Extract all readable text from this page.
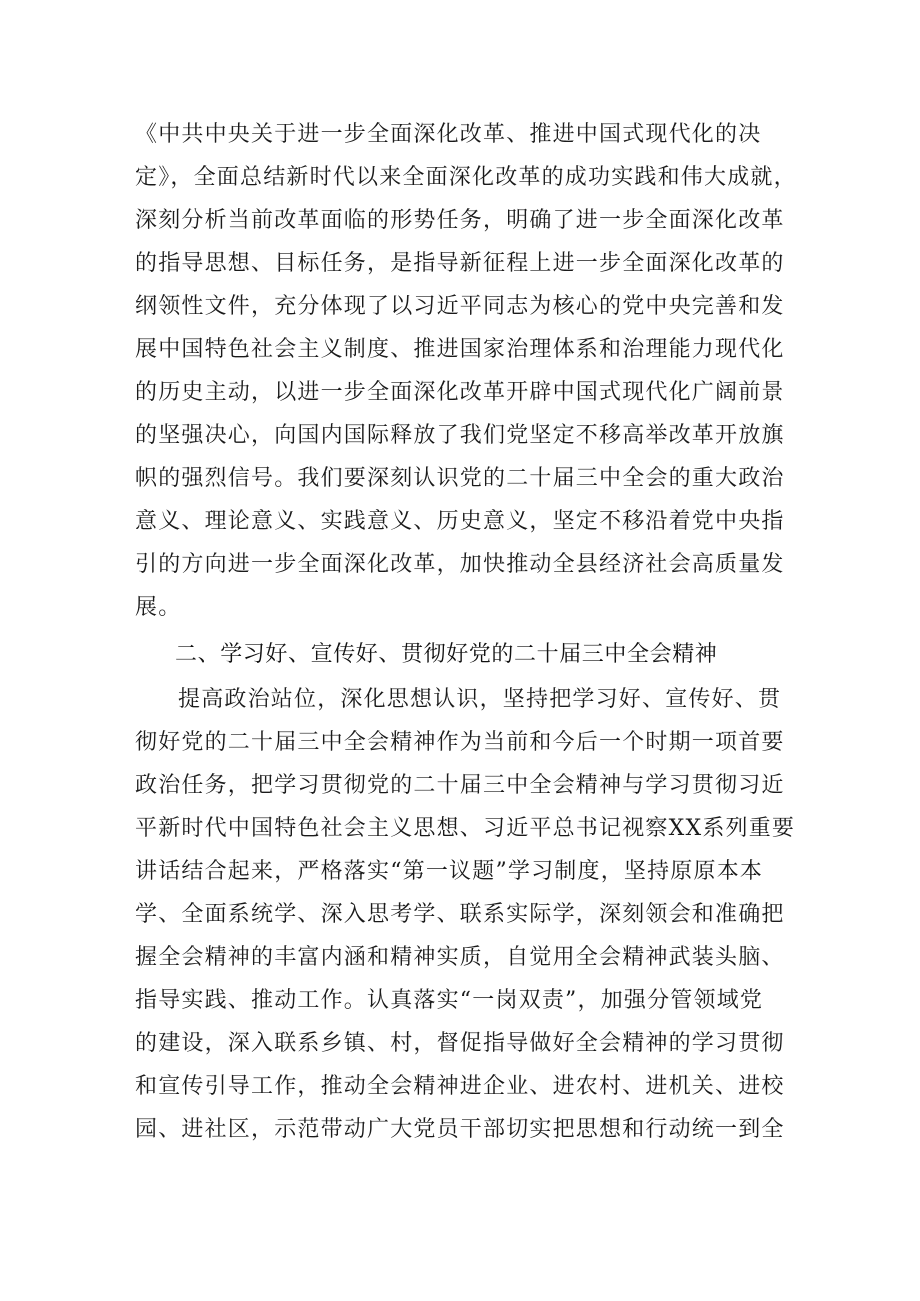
《中共中央关于进一步全面深化改革、推进中国式现代化的决
定》，全面总结新时代以来全面深化改革的成功实践和伟大成就，
深刻分析当前改革面临的形势任务，明确了进一步全面深化改革
的指导思想、目标任务，是指导新征程上进一步全面深化改革的
纲领性文件，充分体现了以习近平同志为核心的党中央完善和发
展中国特色社会主义制度、推进国家治理体系和治理能力现代化
的历史主动，以进一步全面深化改革开辟中国式现代化广阔前景
的坚强决心，向国内国际释放了我们党坚定不移高举改革开放旗
帜的强烈信号。我们要深刻认识党的二十届三中全会的重大政治
意义、理论意义、实践意义、历史意义，坚定不移沿着党中央指
引的方向进一步全面深化改革，加快推动全县经济社会高质量发
展。
二、学习好、宣传好、贯彻好党的二十届三中全会精神
提高政治站位，深化思想认识，坚持把学习好、宣传好、贯
彻好党的二十届三中全会精神作为当前和今后一个时期一项首要
政治任务，把学习贯彻党的二十届三中全会精神与学习贯彻习近
平新时代中国特色社会主义思想、习近平总书记视察XX系列重要
讲话结合起来，严格落实“第一议题”学习制度，坚持原原本本
学、全面系统学、深入思考学、联系实际学，深刻领会和准确把
握全会精神的丰富内涵和精神实质，自觉用全会精神武装头脑、
指导实践、推动工作。认真落实“一岗双责”，加强分管领域党
的建设，深入联系乡镇、村，督促指导做好全会精神的学习贯彻
和宣传引导工作，推动全会精神进企业、进农村、进机关、进校
园、进社区，示范带动广大党员干部切实把思想和行动统一到全
